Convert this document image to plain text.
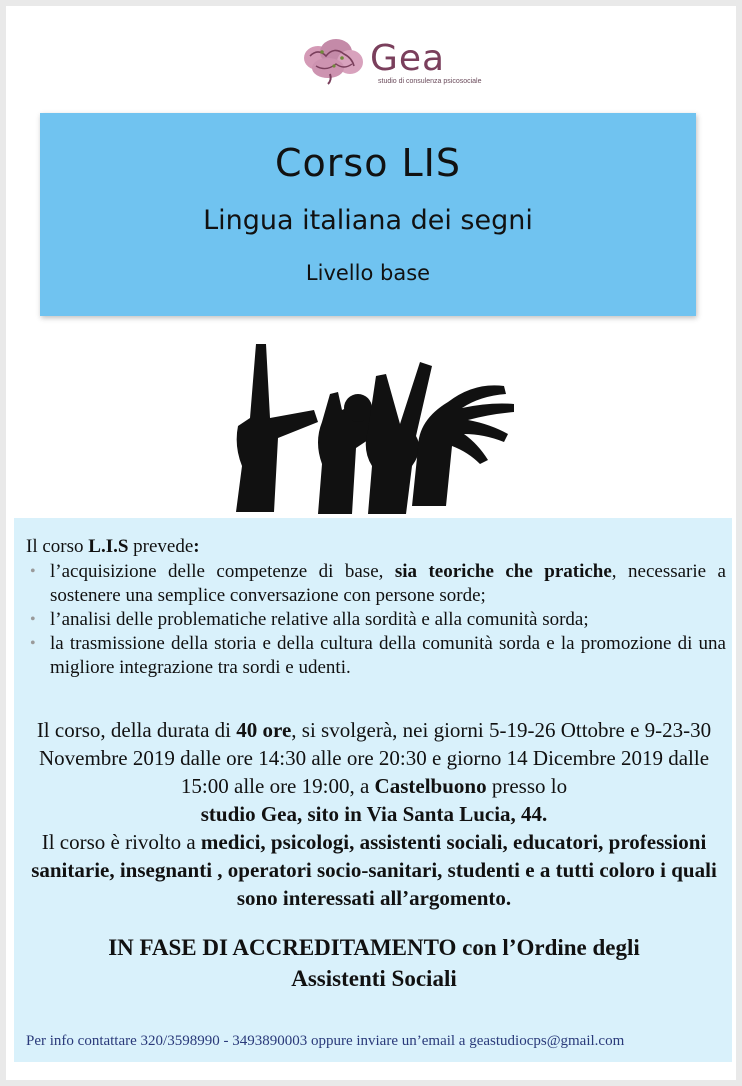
Gea
studio di consulenza psicosociale
Corso LIS
Lingua italiana dei segni
Livello base
Il corso L.I.S prevede:
• l’acquisizione delle competenze di base, sia teoriche che pratiche, necessarie a sostenere una semplice conversazione con persone sorde;
• l’analisi delle problematiche relative alla sordità e alla comunità sorda;
• la trasmissione della storia e della cultura della comunità sorda e la promozione di una migliore integrazione tra sordi e udenti.
Il corso, della durata di 40 ore, si svolgerà, nei giorni 5-19-26 Ottobre e 9-23-30 Novembre 2019 dalle ore 14:30 alle ore 20:30 e giorno 14 Dicembre 2019 dalle 15:00 alle ore 19:00, a Castelbuono presso lo
studio Gea, sito in Via Santa Lucia, 44.
Il corso è rivolto a medici, psicologi, assistenti sociali, educatori, professioni sanitarie, insegnanti , operatori socio-sanitari, studenti e a tutti coloro i quali sono interessati all’argomento.
IN FASE DI ACCREDITAMENTO con l’Ordine degli
Assistenti Sociali
Per info contattare 320/3598990 - 3493890003 oppure inviare un’email a geastudiocps@gmail.com
